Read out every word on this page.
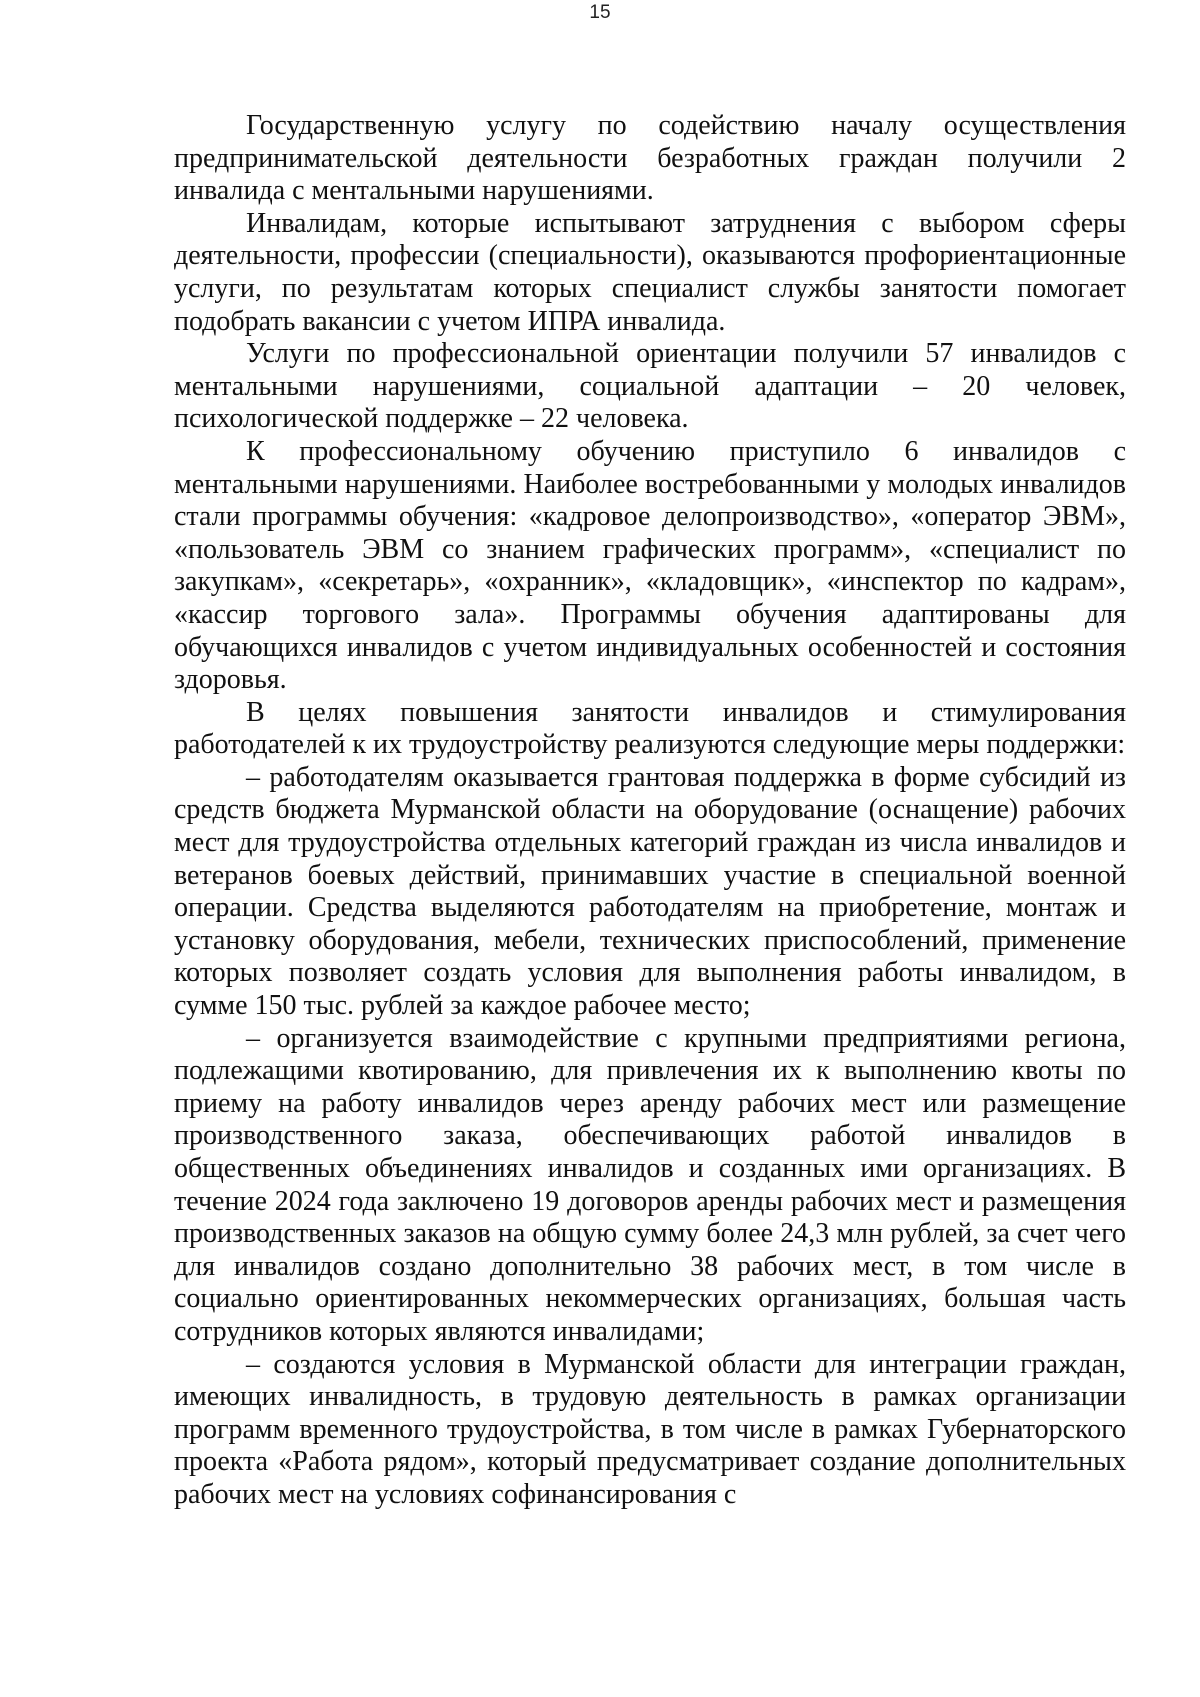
15

Государственную услугу по содействию началу осуществления предпринимательской деятельности безработных граждан получили 2 инвалида с ментальными нарушениями.

Инвалидам, которые испытывают затруднения с выбором сферы деятельности, профессии (специальности), оказываются профориентационные услуги, по результатам которых специалист службы занятости помогает подобрать вакансии с учетом ИПРА инвалида.

Услуги по профессиональной ориентации получили 57 инвалидов с ментальными нарушениями, социальной адаптации – 20 человек, психологической поддержке – 22 человека.

К профессиональному обучению приступило 6 инвалидов с ментальными нарушениями. Наиболее востребованными у молодых инвалидов стали программы обучения: «кадровое делопроизводство», «оператор ЭВМ», «пользователь ЭВМ со знанием графических программ», «специалист по закупкам», «секретарь», «охранник», «кладовщик», «инспектор по кадрам», «кассир торгового зала». Программы обучения адаптированы для обучающихся инвалидов с учетом индивидуальных особенностей и состояния здоровья.

В целях повышения занятости инвалидов и стимулирования работодателей к их трудоустройству реализуются следующие меры поддержки:

– работодателям оказывается грантовая поддержка в форме субсидий из средств бюджета Мурманской области на оборудование (оснащение) рабочих мест для трудоустройства отдельных категорий граждан из числа инвалидов и ветеранов боевых действий, принимавших участие в специальной военной операции. Средства выделяются работодателям на приобретение, монтаж и установку оборудования, мебели, технических приспособлений, применение которых позволяет создать условия для выполнения работы инвалидом, в сумме 150 тыс. рублей за каждое рабочее место;

– организуется взаимодействие с крупными предприятиями региона, подлежащими квотированию, для привлечения их к выполнению квоты по приему на работу инвалидов через аренду рабочих мест или размещение производственного заказа, обеспечивающих работой инвалидов в общественных объединениях инвалидов и созданных ими организациях. В течение 2024 года заключено 19 договоров аренды рабочих мест и размещения производственных заказов на общую сумму более 24,3 млн рублей, за счет чего для инвалидов создано дополнительно 38 рабочих мест, в том числе в социально ориентированных некоммерческих организациях, большая часть сотрудников которых являются инвалидами;

– создаются условия в Мурманской области для интеграции граждан, имеющих инвалидность, в трудовую деятельность в рамках организации программ временного трудоустройства, в том числе в рамках Губернаторского проекта «Работа рядом», который предусматривает создание дополнительных рабочих мест на условиях софинансирования с
